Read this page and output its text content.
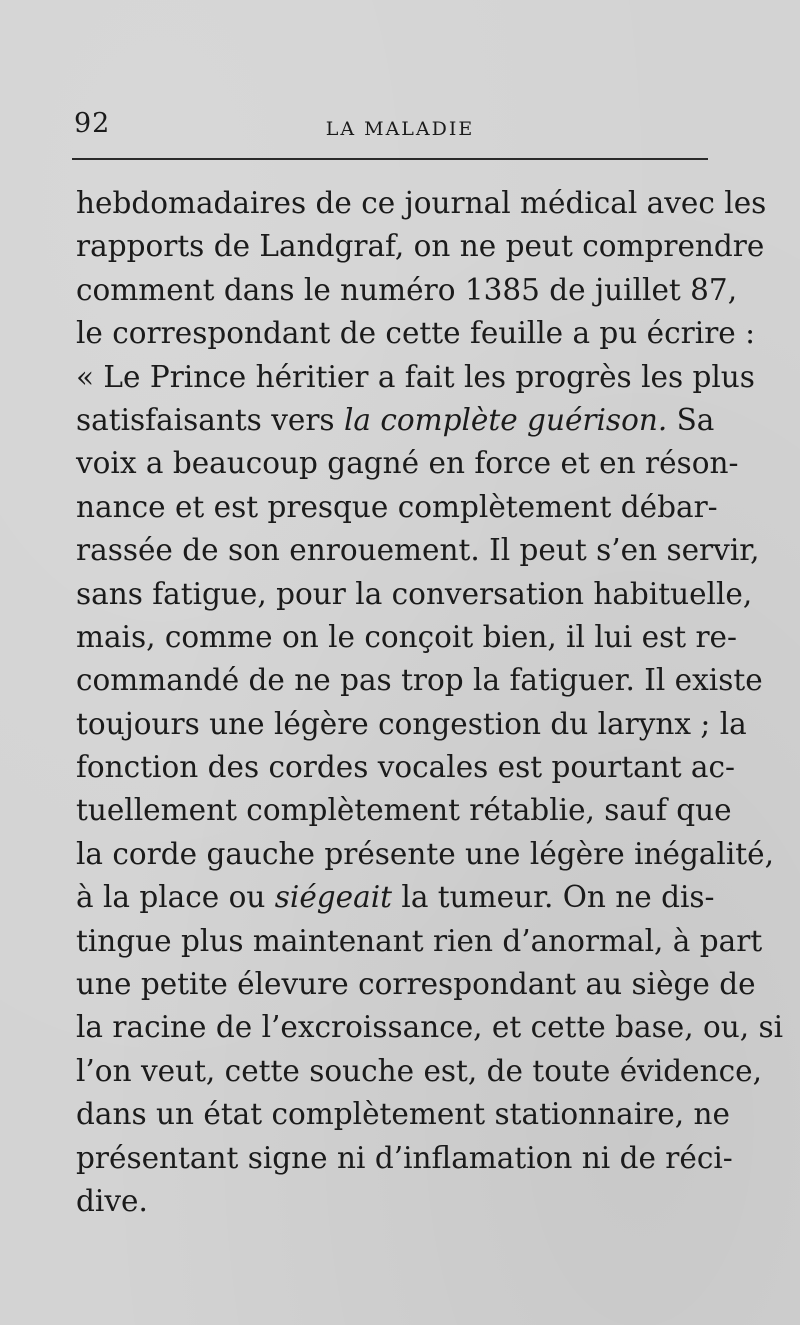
92	LA MALADIE
hebdomadaires de ce journal médical avec les
rapports de Landgraf, on ne peut comprendre
comment dans le numéro 1385 de juillet 87,
le correspondant de cette feuille a pu écrire :
« Le Prince héritier a fait les progrès les plus
satisfaisants vers la complète guérison. Sa
voix a beaucoup gagné en force et en réson-
nance et est presque complètement débar-
rassée de son enrouement. Il peut s’en servir,
sans fatigue, pour la conversation habituelle,
mais, comme on le conçoit bien, il lui est re-
commandé de ne pas trop la fatiguer. Il existe
toujours une légère congestion du larynx ; la
fonction des cordes vocales est pourtant ac-
tuellement complètement rétablie, sauf que
la corde gauche présente une légère inégalité,
à la place ou siégeait la tumeur. On ne dis-
tingue plus maintenant rien d’anormal, à part
une petite élevure correspondant au siège de
la racine de l’excroissance, et cette base, ou, si
l’on veut, cette souche est, de toute évidence,
dans un état complètement stationnaire, ne
présentant signe ni d’inflamation ni de réci-
dive.
